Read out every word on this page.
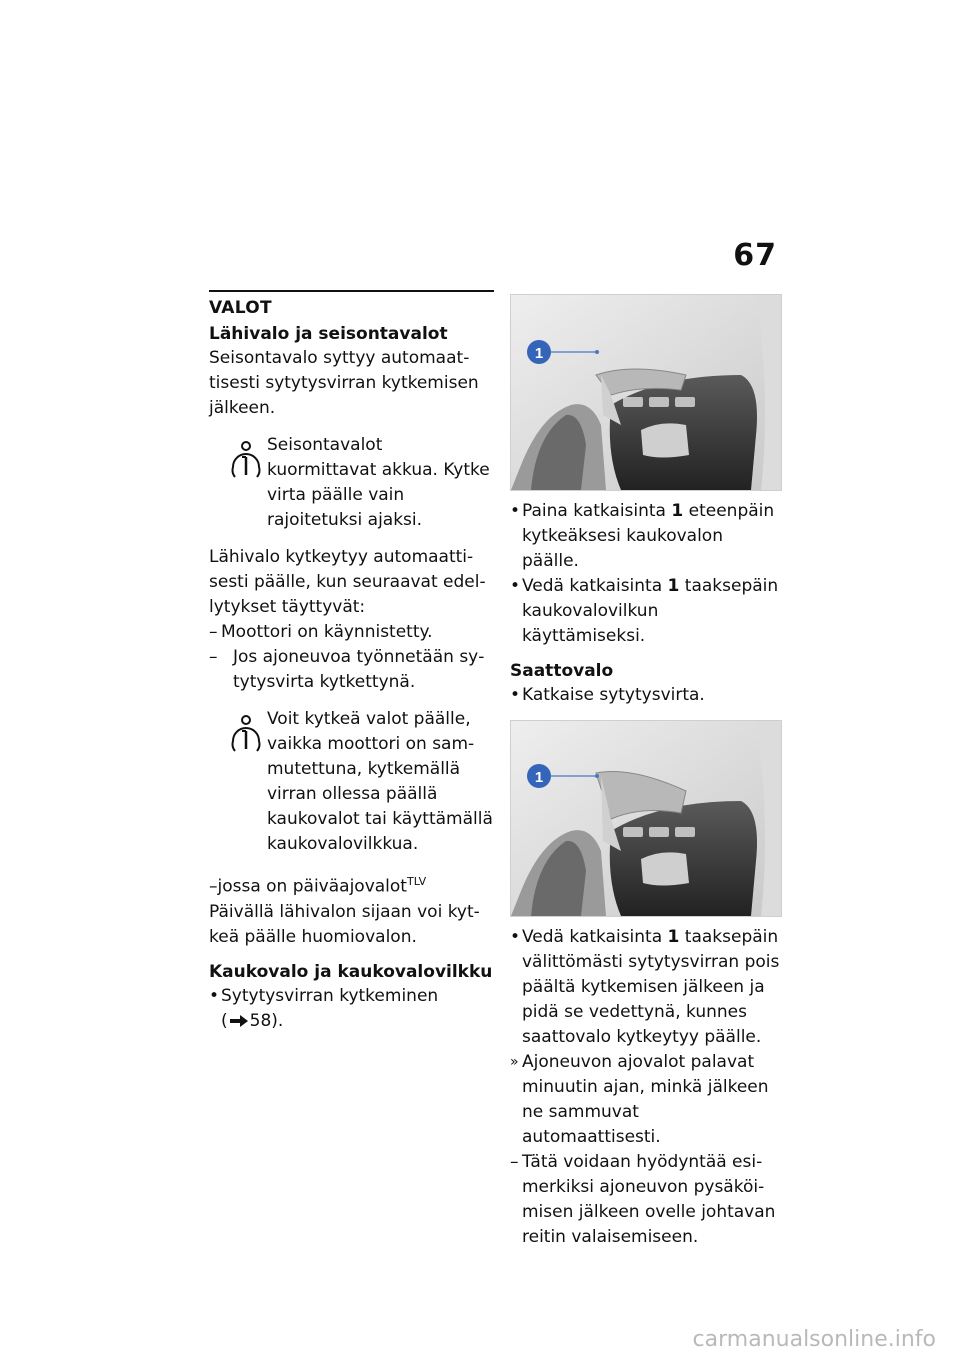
67
VALOT
Lähivalo ja seisontavalot
Seisontavalo syttyy automaattisesti sytytysvirran kytkemisen jälkeen.
Seisontavalot kuormittavat akkua. Kytke virta päälle vain rajoitetuksi ajaksi.
Lähivalo kytkeytyy automaattisesti päälle, kun seuraavat edellytykset täyttyvät:
– Moottori on käynnistetty.
– Jos ajoneuvoa työnnetään sytytysvirta kytkettynä.
Voit kytkeä valot päälle, vaikka moottori on sammutettuna, kytkemällä virran ollessa päällä kaukovalot tai käyttämällä kaukovalovilkkua.
–jossa on päiväajovalot$^{TLV}$
Päivällä lähivalon sijaan voi kytkeä päälle huomiovalon.
Kaukovalo ja kaukovalovilkku
• Sytytysvirran kytkeminen

( 58).
1
• Paina katkaisinta 1 eteenpäin kytkeäksesi kaukovalon päälle.
• Vedä katkaisinta 1 taaksepäin kaukovalovilkun käyttämiseksi.
Saattovalo
• Katkaise sytytysvirta.
1
• Vedä katkaisinta 1 taaksepäin välittömästi sytytysvirran pois päältä kytkemisen jälkeen ja pidä se vedettynä, kunnes saattovalo kytkeytyy päälle.
» Ajoneuvon ajovalot palavat minuutin ajan, minkä jälkeen ne sammuvat automaattisesti.
– Tätä voidaan hyödyntää esimerkiksi ajoneuvon pysäköimisen jälkeen ovelle johtavan reitin valaisemiseen.
carmanualsonline.info
